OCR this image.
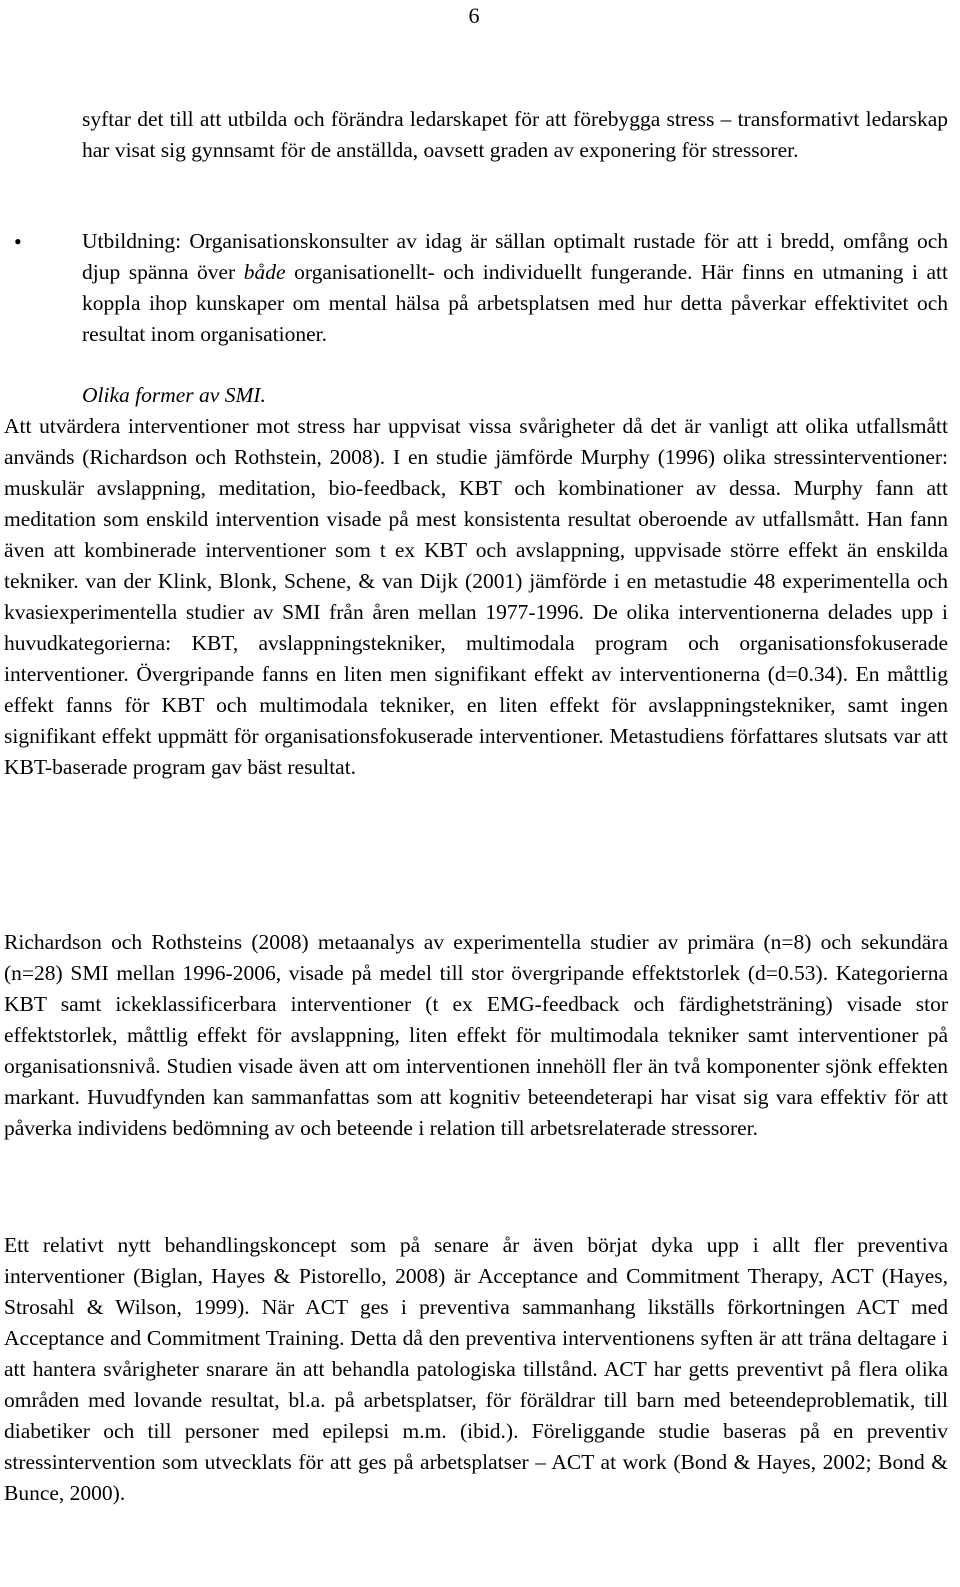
6

syftar det till att utbilda och förändra ledarskapet för att förebygga stress – transformativt ledarskap har visat sig gynnsamt för de anställda, oavsett graden av exponering för stressorer.

•	Utbildning: Organisationskonsulter av idag är sällan optimalt rustade för att i bredd, omfång och djup spänna över både organisationellt- och individuellt fungerande. Här finns en utmaning i att koppla ihop kunskaper om mental hälsa på arbetsplatsen med hur detta påverkar effektivitet och resultat inom organisationer.
Olika former av SMI.

Att utvärdera interventioner mot stress har uppvisat vissa svårigheter då det är vanligt att olika utfallsmått används (Richardson och Rothstein, 2008). I en studie jämförde Murphy (1996) olika stressinterventioner: muskulär avslappning, meditation, bio-feedback, KBT och kombinationer av dessa. Murphy fann att meditation som enskild intervention visade på mest konsistenta resultat oberoende av utfallsmått. Han fann även att kombinerade interventioner som t ex KBT och avslappning, uppvisade större effekt än enskilda tekniker. van der Klink, Blonk, Schene, & van Dijk (2001) jämförde i en metastudie 48 experimentella och kvasiexperimentella studier av SMI från åren mellan 1977-1996. De olika interventionerna delades upp i huvudkategorierna: KBT, avslappningstekniker, multimodala program och organisationsfokuserade interventioner. Övergripande fanns en liten men signifikant effekt av interventionerna (d=0.34). En måttlig effekt fanns för KBT och multimodala tekniker, en liten effekt för avslappningstekniker, samt ingen signifikant effekt uppmätt för organisationsfokuserade interventioner. Metastudiens författares slutsats var att KBT-baserade program gav bäst resultat.

Richardson och Rothsteins (2008) metaanalys av experimentella studier av primära (n=8) och sekundära (n=28) SMI mellan 1996-2006, visade på medel till stor övergripande effektstorlek (d=0.53). Kategorierna KBT samt ickeklassificerbara interventioner (t ex EMG-feedback och färdighetsträning) visade stor effektstorlek, måttlig effekt för avslappning, liten effekt för multimodala tekniker samt interventioner på organisationsnivå. Studien visade även att om interventionen innehöll fler än två komponenter sjönk effekten markant. Huvudfynden kan sammanfattas som att kognitiv beteendeterapi har visat sig vara effektiv för att påverka individens bedömning av och beteende i relation till arbetsrelaterade stressorer.

Ett relativt nytt behandlingskoncept som på senare år även börjat dyka upp i allt fler preventiva interventioner (Biglan, Hayes & Pistorello, 2008) är Acceptance and Commitment Therapy, ACT (Hayes, Strosahl & Wilson, 1999). När ACT ges i preventiva sammanhang likställs förkortningen ACT med Acceptance and Commitment Training. Detta då den preventiva interventionens syften är att träna deltagare i att hantera svårigheter snarare än att behandla patologiska tillstånd. ACT har getts preventivt på flera olika områden med lovande resultat, bl.a. på arbetsplatser, för föräldrar till barn med beteendeproblematik, till diabetiker och till personer med epilepsi m.m. (ibid.). Föreliggande studie baseras på en preventiv stressintervention som utvecklats för att ges på arbetsplatser – ACT at work (Bond & Hayes, 2002; Bond & Bunce, 2000).
